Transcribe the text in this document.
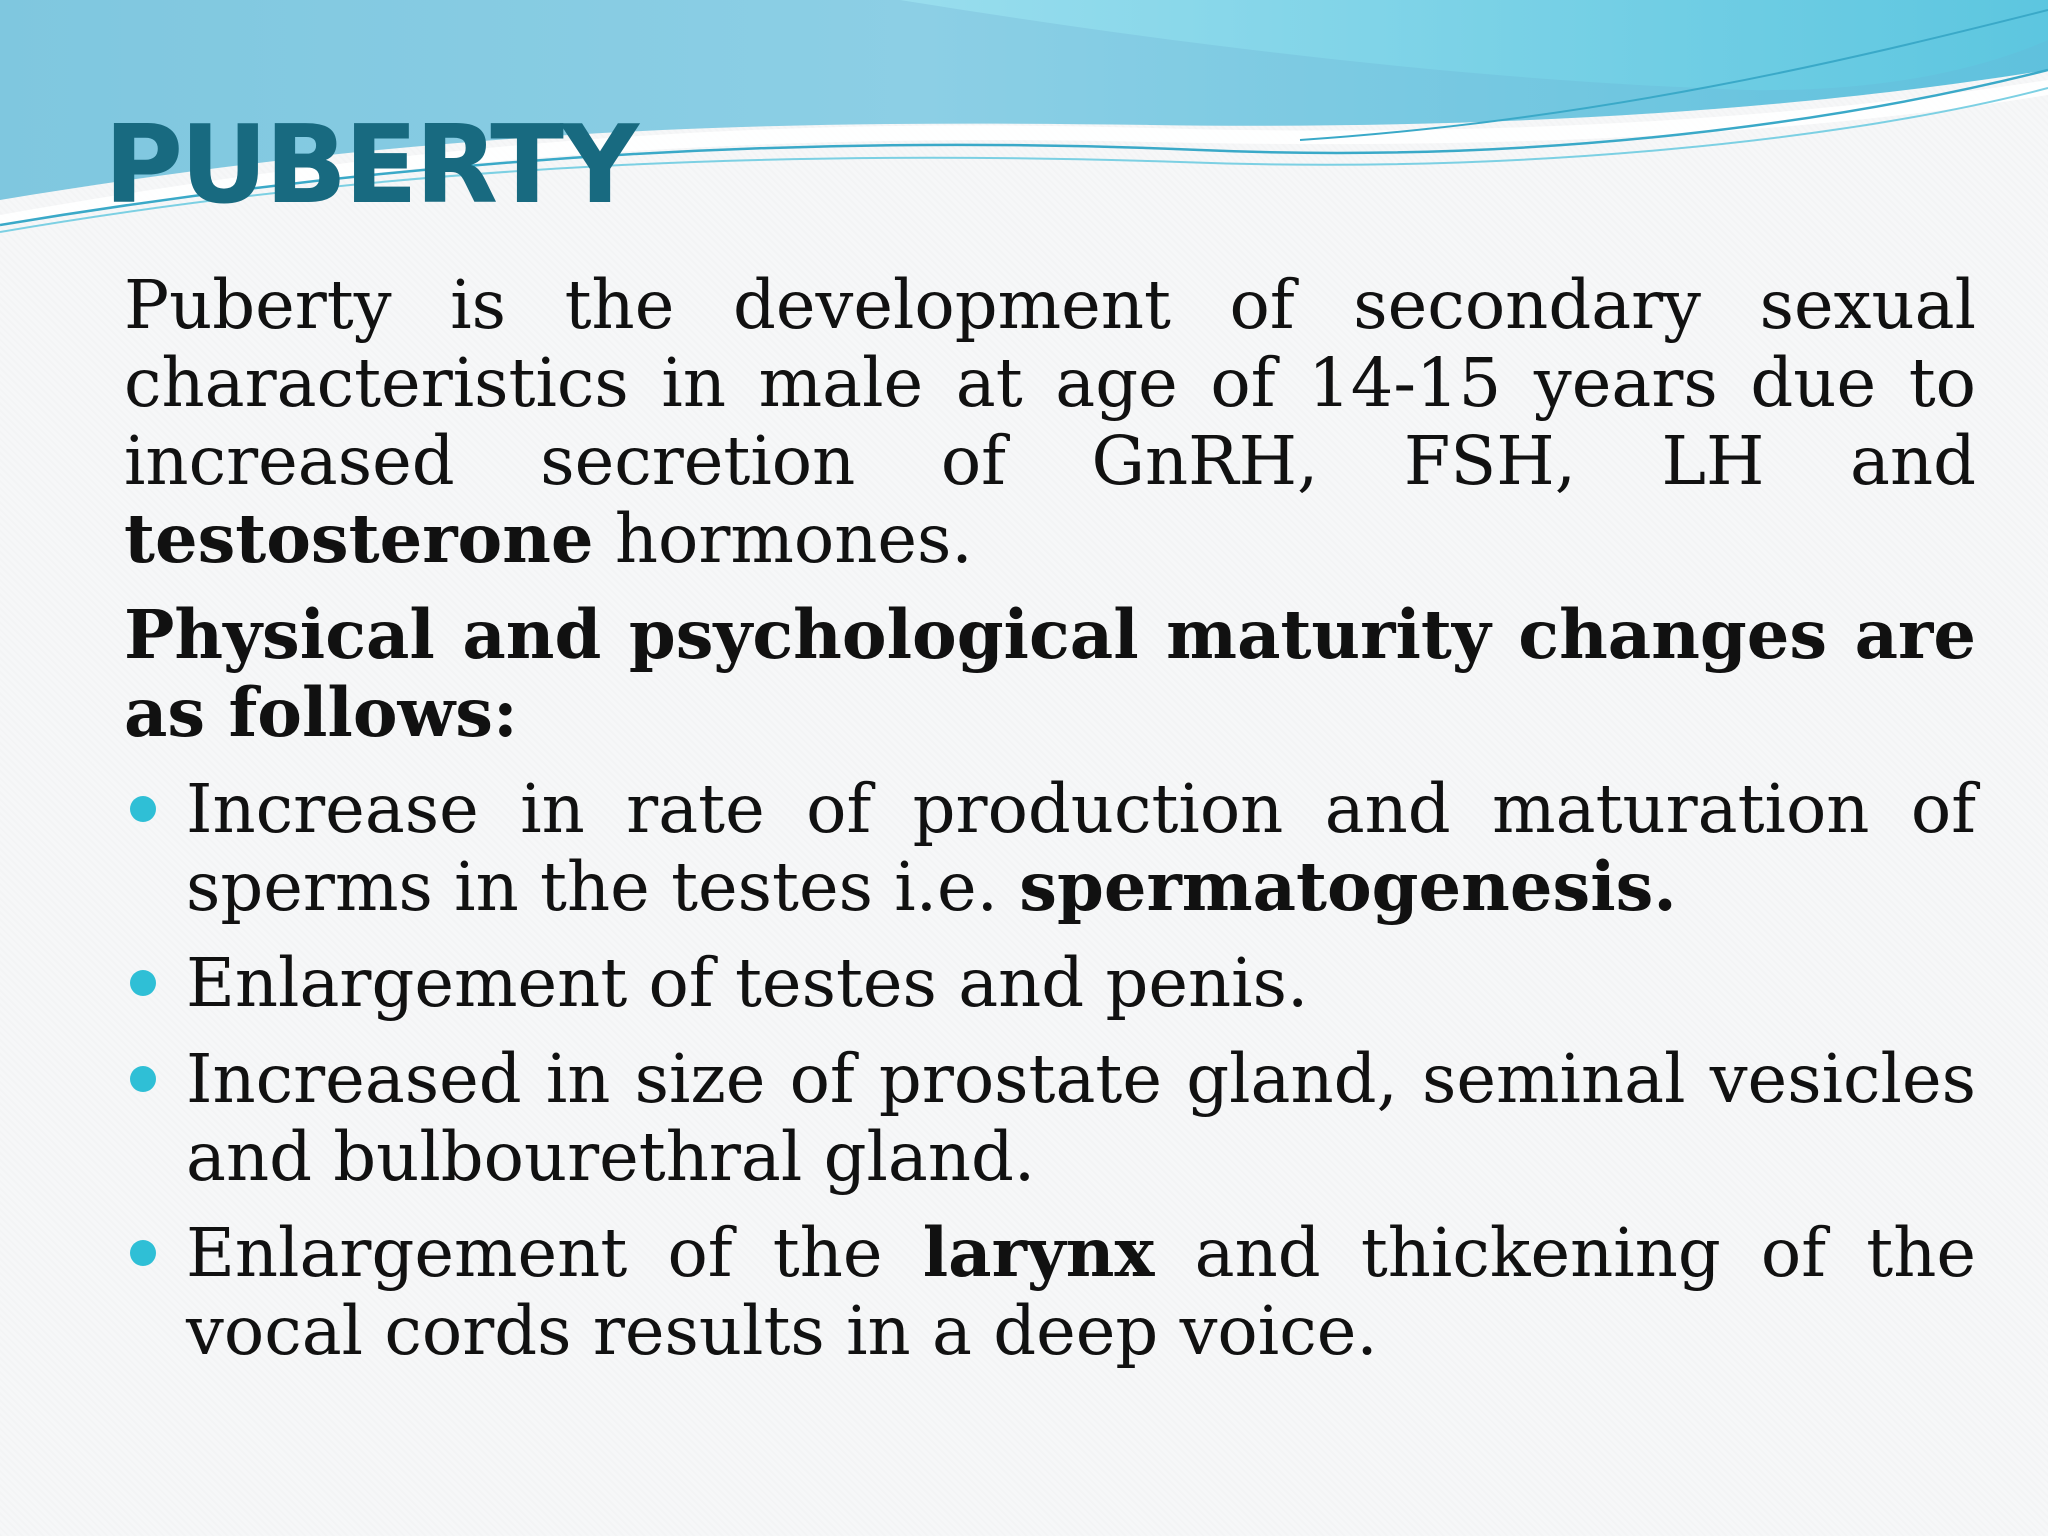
PUBERTY

Puberty is the development of secondary sexual characteristics in male at age of 14-15 years due to increased secretion of GnRH, FSH, LH and testosterone hormones.

Physical and psychological maturity changes are as follows:

Increase in rate of production and maturation of sperms in the testes i.e. spermatogenesis.
Enlargement of testes and penis.
Increased in size of prostate gland, seminal vesicles and bulbourethral gland.
Enlargement of the larynx and thickening of the vocal cords results in a deep voice.
